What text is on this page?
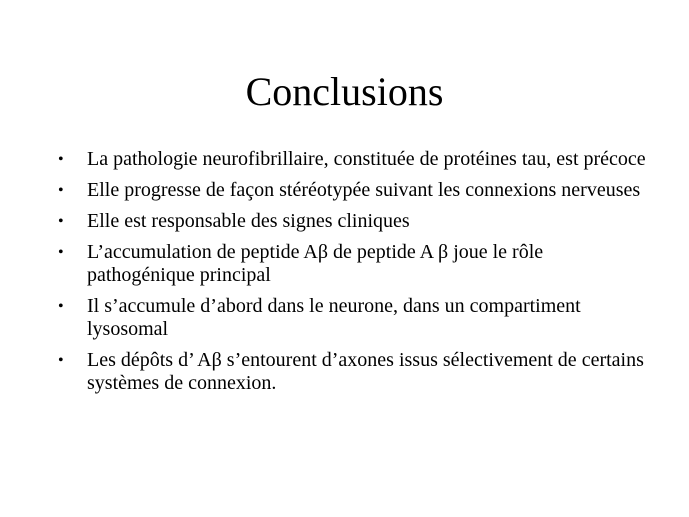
Conclusions
• La pathologie neurofibrillaire, constituée de protéines tau, est précoce
• Elle progresse de façon stéréotypée suivant les connexions nerveuses
• Elle est responsable des signes cliniques
• L’accumulation de peptide Aβ de peptide A β joue le rôle pathogénique principal
• Il s’accumule d’abord dans le neurone, dans un compartiment lysosomal
• Les dépôts d’ Aβ s’entourent d’axones issus sélectivement de certains systèmes de connexion.
